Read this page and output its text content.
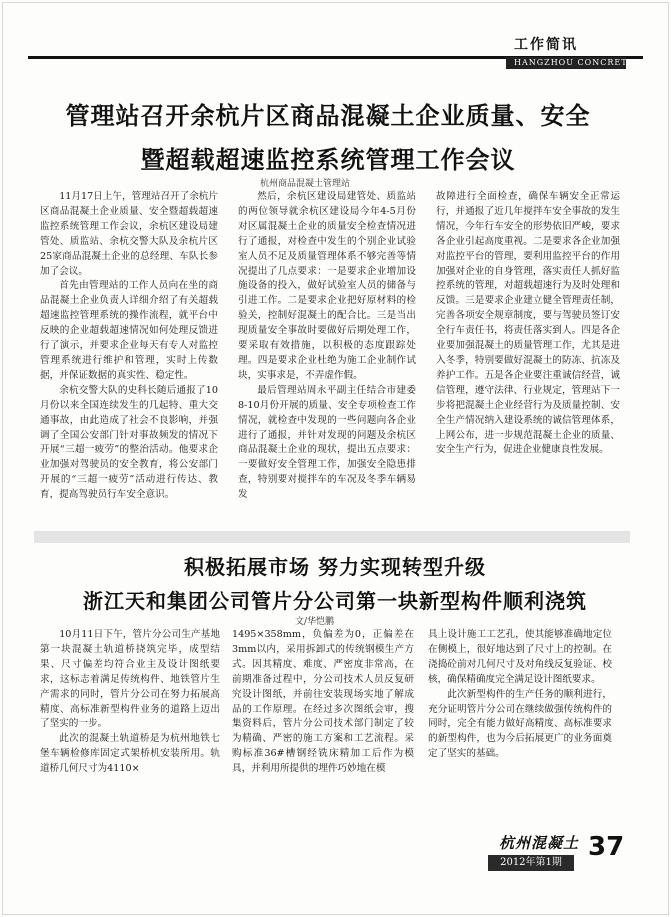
工作简讯
HANGZHOU CONCRETE
管理站召开余杭片区商品混凝土企业质量、安全
暨超载超速监控系统管理工作会议
杭州商品混凝土管理站

11月17日上午，管理站召开了余杭片区商品混凝土企业质量、安全暨超载超速监控系统管理工作会议，余杭区建设局建管处、质监站、余杭交警大队及余杭片区25家商品混凝土企业的总经理、车队长参加了会议。

首先由管理站的工作人员向在坐的商品混凝土企业负责人详细介绍了有关超载超速监控管理系统的操作流程，就平台中反映的企业超载超速情况如何处理反馈进行了演示，并要求企业每天有专人对监控管理系统进行维护和管理，实时上传数据，并保证数据的真实性、稳定性。

余杭交警大队的史科长随后通报了10月份以来全国连续发生的几起特、重大交通事故，由此造成了社会不良影响，并强调了全国公安部门针对事故频发的情况下开展“三超一疲劳”的整治活动。他要求企业加强对驾驶员的安全教育，将公安部门开展的“三超一疲劳”活动进行传达、教育，提高驾驶员行车安全意识。

然后，余杭区建设局建管处、质监站的两位领导就余杭区建设局今年4-5月份对区属混凝土企业的质量安全检查情况进行了通报，对检查中发生的个别企业试验室人员不足及质量管理体系不够完善等情况提出了几点要求：一是要求企业增加设施设备的投入，做好试验室人员的储备与引进工作。二是要求企业把好原材料的检验关，控制好混凝土的配合比。三是当出现质量安全事故时要做好后期处理工作，要采取有效措施，以积极的态度跟踪处理。四是要求企业杜绝为施工企业制作试块，实事求是，不弄虚作假。

最后管理站周永平副主任结合市建委8-10月份开展的质量、安全专项检查工作情况，就检查中发现的一些问题向各企业进行了通报，并针对发现的问题及余杭区商品混凝土企业的现状，提出五点要求：一要做好安全管理工作，加强安全隐患排查，特别要对搅拌车的车况及冬季车辆易发

故障进行全面检查，确保车辆安全正常运行，并通报了近几年搅拌车安全事故的发生情况，今年行车安全的形势依旧严峻，要求各企业引起高度重视。二是要求各企业加强对监控平台的管理，要利用监控平台的作用加强对企业的自身管理，落实责任人抓好监控系统的管理，对超载超速行为及时处理和反馈。三是要求企业建立健全管理责任制，完善各项安全规章制度，要与驾驶员签订安全行车责任书，将责任落实到人。四是各企业要加强混凝土的质量管理工作，尤其是进入冬季，特别要做好混凝土的防冻、抗冻及养护工作。五是各企业要注重诚信经营，诚信管理，遵守法律、行业规定，管理站下一步将把混凝土企业经营行为及质量控制、安全生产情况纳入建设系统的诚信管理体系，上网公布，进一步规范混凝土企业的质量、安全生产行为，促进企业健康良性发展。

积极拓展市场 努力实现转型升级
浙江天和集团公司管片分公司第一块新型构件顺利浇筑
文/华恺鹏

10月11日下午，管片分公司生产基地第一块混凝土轨道桥挠筑完毕，成型结果、尺寸偏差均符合业主及设计图纸要求，这标志着满足传统构件、地铁管片生产需求的同时，管片分公司在努力拓展高精度、高标准新型构件业务的道路上迈出了坚实的一步。

此次的混凝土轨道桥是为杭州地铁七堡车辆检修库固定式架桥机安装所用。轨道桥几何尺寸为4110×

1495×358mm，负偏差为0，正偏差在3mm以内，采用拆卸式的传统钢模生产方式。因其精度、难度、严密度非常高，在前期准备过程中，分公司技术人员反复研究设计图纸，并前往安装现场实地了解成品的工作原理。在经过多次图纸会审，搜集资料后，管片分公司技术部门制定了较为精确、严密的施工方案和工艺流程。采购标准36#槽钢经铣床精加工后作为模具，并利用所提供的埋件巧妙地在模

具上设计施工工艺孔，使其能够准确地定位在侧模上，很好地达到了尺寸上的控制。在浇捣砼前对几何尺寸及对角线反复验证、校核，确保精确度完全满足设计图纸要求。

此次新型构件的生产任务的顺利进行，充分证明管片分公司在继续做强传统构件的同时，完全有能力做好高精度、高标准要求的新型构件，也为今后拓展更广的业务面奠定了坚实的基础。

杭州混凝土
2012年第1期
37
